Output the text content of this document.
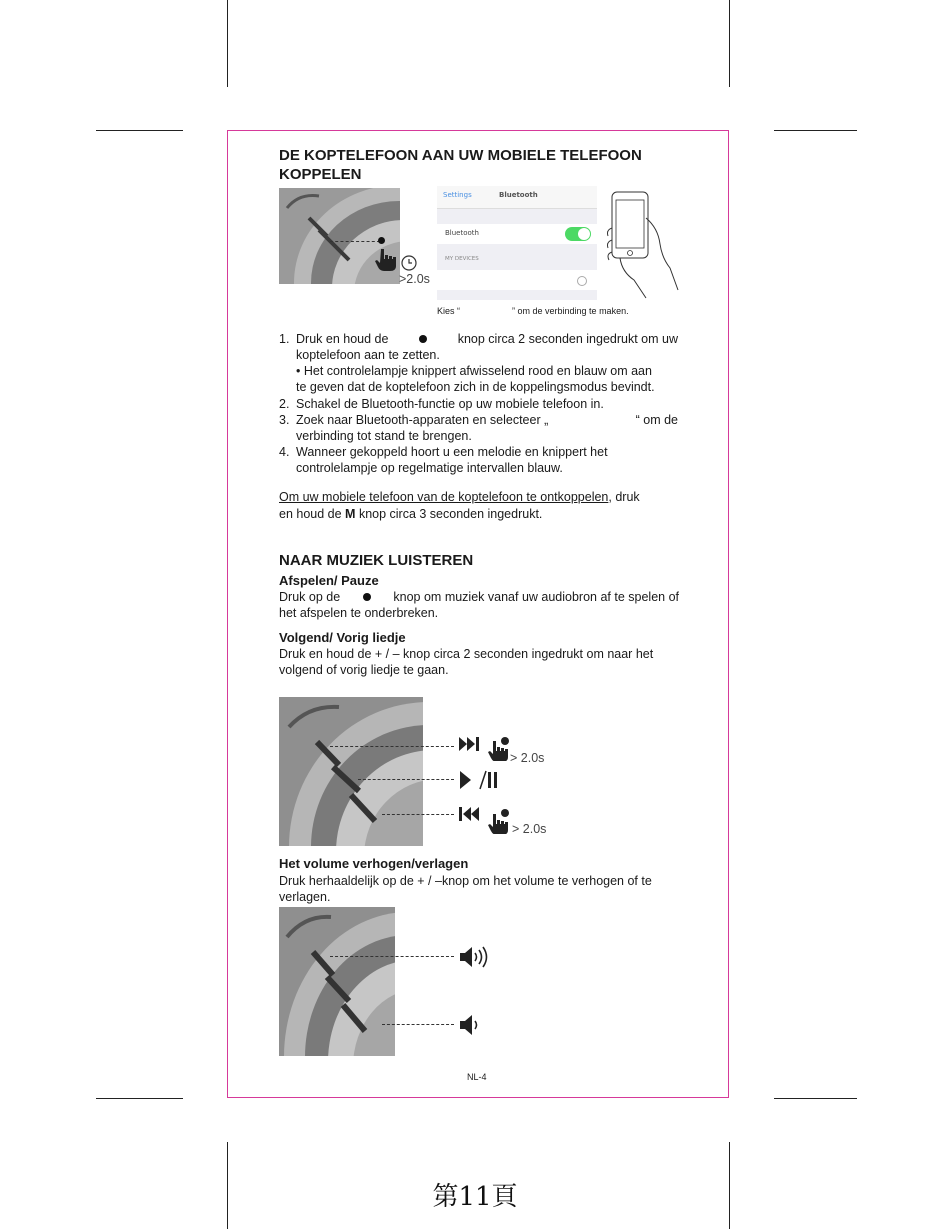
DE KOPTELEFOON AAN UW MOBIELE TELEFOON
KOPPELEN
>2.0s
Settings	Bluetooth
Bluetooth
MY DEVICES
Kies “	” om de verbinding te maken.
1. Druk en houd de	knop circa 2 seconden ingedrukt om uw
koptelefoon aan te zetten.
• Het controlelampje knippert afwisselend rood en blauw om aan
te geven dat de koptelefoon zich in de koppelingsmodus bevindt.
2. Schakel de Bluetooth-functie op uw mobiele telefoon in.
3. Zoek naar Bluetooth-apparaten en selecteer „	“ om de
verbinding tot stand te brengen.
4. Wanneer gekoppeld hoort u een melodie en knippert het
controlelampje op regelmatige intervallen blauw.
Om uw mobiele telefoon van de koptelefoon te ontkoppelen, druk
en houd de M knop circa 3 seconden ingedrukt.
NAAR MUZIEK LUISTEREN
Afspelen/ Pauze
Druk op de	knop om muziek vanaf uw audiobron af te spelen of
het afspelen te onderbreken.
Volgend/ Vorig liedje
Druk en houd de + / – knop circa 2 seconden ingedrukt om naar het
volgend of vorig liedje te gaan.
> 2.0s
> 2.0s
Het volume verhogen/verlagen
Druk herhaaldelijk op de + / –knop om het volume te verhogen of te
verlagen.
NL-4
第11頁
